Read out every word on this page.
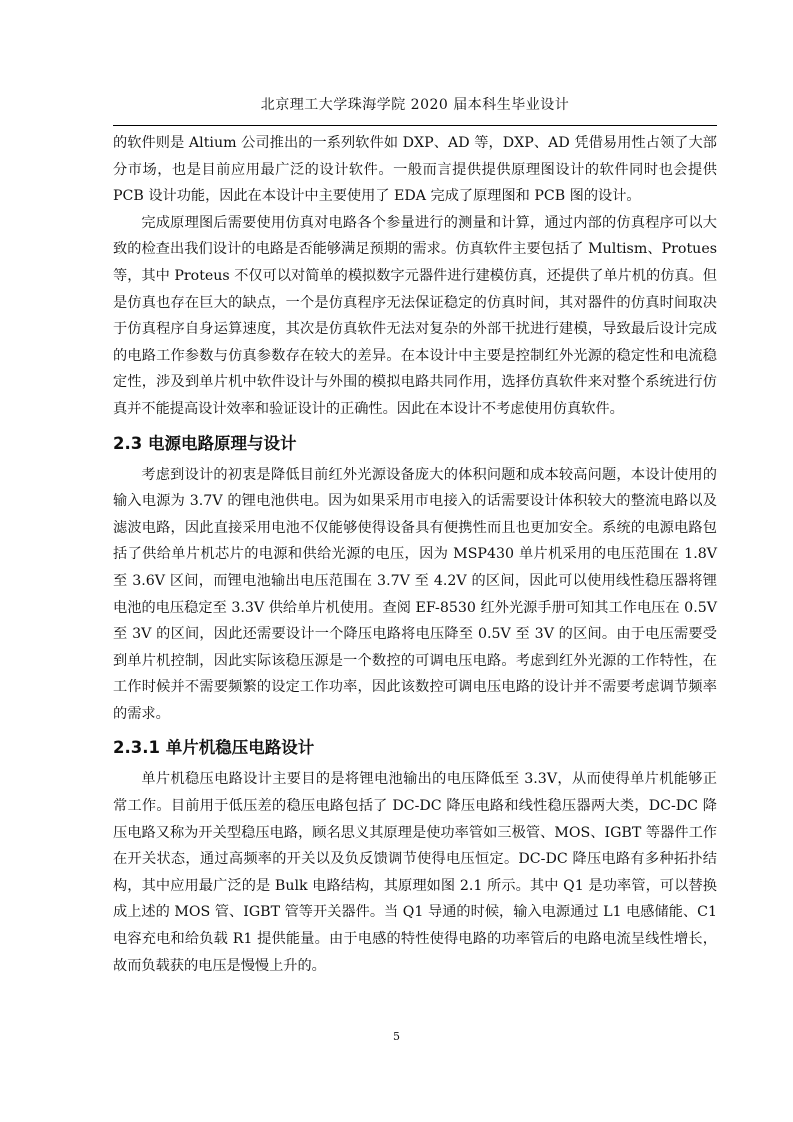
北京理工大学珠海学院 2020 届本科生毕业设计

的软件则是 Altium 公司推出的一系列软件如 DXP、AD 等，DXP、AD 凭借易用性占领了大部分市场，也是目前应用最广泛的设计软件。一般而言提供提供原理图设计的软件同时也会提供 PCB 设计功能，因此在本设计中主要使用了 EDA 完成了原理图和 PCB 图的设计。

完成原理图后需要使用仿真对电路各个参量进行的测量和计算，通过内部的仿真程序可以大致的检查出我们设计的电路是否能够满足预期的需求。仿真软件主要包括了 Multism、Protues 等，其中 Proteus 不仅可以对简单的模拟数字元器件进行建模仿真，还提供了单片机的仿真。但是仿真也存在巨大的缺点，一个是仿真程序无法保证稳定的仿真时间，其对器件的仿真时间取决于仿真程序自身运算速度，其次是仿真软件无法对复杂的外部干扰进行建模，导致最后设计完成的电路工作参数与仿真参数存在较大的差异。在本设计中主要是控制红外光源的稳定性和电流稳定性，涉及到单片机中软件设计与外围的模拟电路共同作用，选择仿真软件来对整个系统进行仿真并不能提高设计效率和验证设计的正确性。因此在本设计不考虑使用仿真软件。

2.3 电源电路原理与设计

考虑到设计的初衷是降低目前红外光源设备庞大的体积问题和成本较高问题，本设计使用的输入电源为 3.7V 的锂电池供电。因为如果采用市电接入的话需要设计体积较大的整流电路以及滤波电路，因此直接采用电池不仅能够使得设备具有便携性而且也更加安全。系统的电源电路包括了供给单片机芯片的电源和供给光源的电压，因为 MSP430 单片机采用的电压范围在 1.8V 至 3.6V 区间，而锂电池输出电压范围在 3.7V 至 4.2V 的区间，因此可以使用线性稳压器将锂电池的电压稳定至 3.3V 供给单片机使用。查阅 EF-8530 红外光源手册可知其工作电压在 0.5V 至 3V 的区间，因此还需要设计一个降压电路将电压降至 0.5V 至 3V 的区间。由于电压需要受到单片机控制，因此实际该稳压源是一个数控的可调电压电路。考虑到红外光源的工作特性，在工作时候并不需要频繁的设定工作功率，因此该数控可调电压电路的设计并不需要考虑调节频率的需求。

2.3.1 单片机稳压电路设计

单片机稳压电路设计主要目的是将锂电池输出的电压降低至 3.3V，从而使得单片机能够正常工作。目前用于低压差的稳压电路包括了 DC-DC 降压电路和线性稳压器两大类，DC-DC 降压电路又称为开关型稳压电路，顾名思义其原理是使功率管如三极管、MOS、IGBT 等器件工作在开关状态，通过高频率的开关以及负反馈调节使得电压恒定。DC-DC 降压电路有多种拓扑结构，其中应用最广泛的是 Bulk 电路结构，其原理如图 2.1 所示。其中 Q1 是功率管，可以替换成上述的 MOS 管、IGBT 管等开关器件。当 Q1 导通的时候，输入电源通过 L1 电感储能、C1 电容充电和给负载 R1 提供能量。由于电感的特性使得电路的功率管后的电路电流呈线性增长，故而负载获的电压是慢慢上升的。

5
